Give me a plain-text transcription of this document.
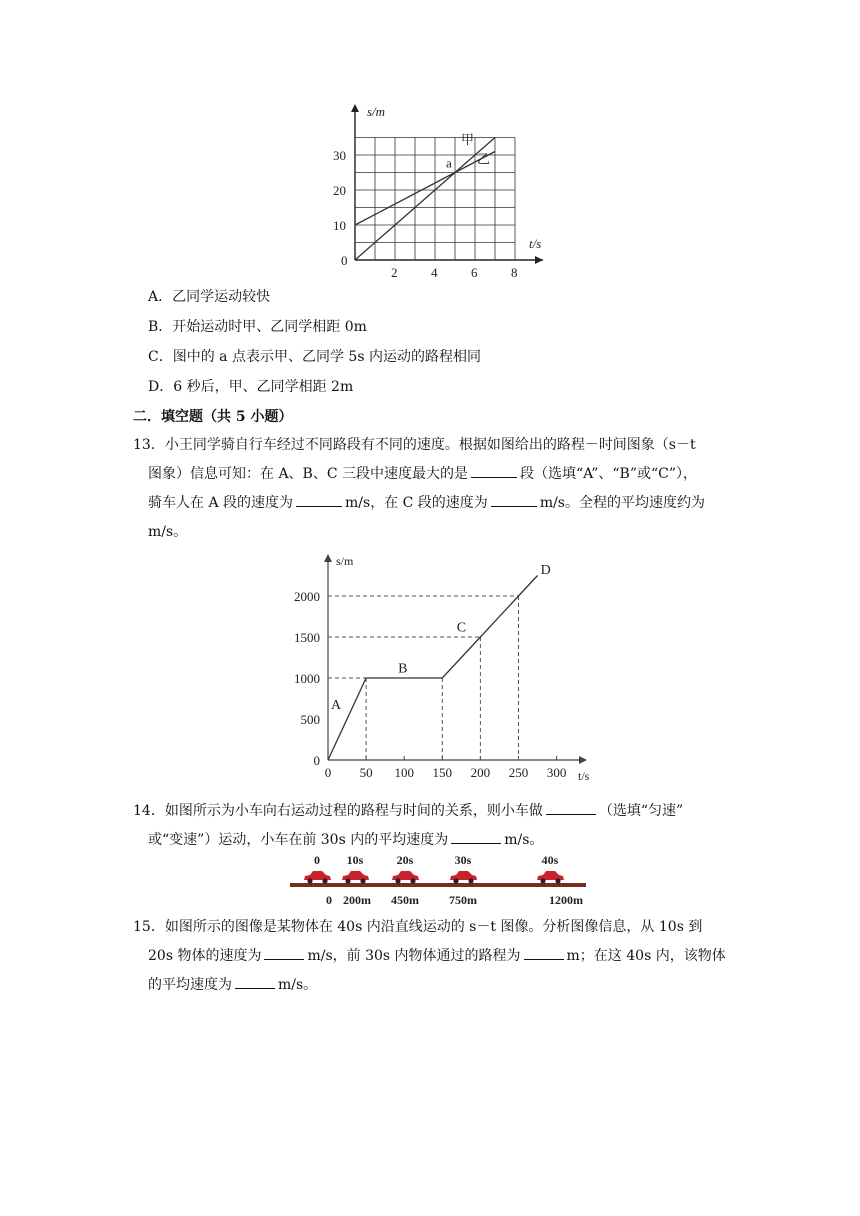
s/m
t/s
0
10
20
30
2	4	6	8
甲
乙
a
A．乙同学运动较快
B．开始运动时甲、乙同学相距 0m
C．图中的 a 点表示甲、乙同学 5s 内运动的路程相同
D．6 秒后，甲、乙同学相距 2m
二．填空题（共 5 小题）
13．小王同学骑自行车经过不同路段有不同的速度。根据如图给出的路程－时间图象（s－t
图象）信息可知：在 A、B、C 三段中速度最大的是	段（选填“A”、“B”或“C”），
骑车人在 A 段的速度为	m/s，在 C 段的速度为	m/s。全程的平均速度约为
m/s。
s/m
t/s
0 50 100 150 200 250 300
0
500
1000
1500
2000
A
B
C
D
14．如图所示为小车向右运动过程的路程与时间的关系，则小车做	（选填“匀速”
或“变速”）运动，小车在前 30s 内的平均速度为	m/s。
0 10s	20s	30s	40s
0 200m 450m	750m	1200m
15．如图所示的图像是某物体在 40s 内沿直线运动的 s－t 图像。分析图像信息，从 10s 到
20s 物体的速度为	m/s，前 30s 内物体通过的路程为	m；在这 40s 内，该物体
的平均速度为	m/s。
